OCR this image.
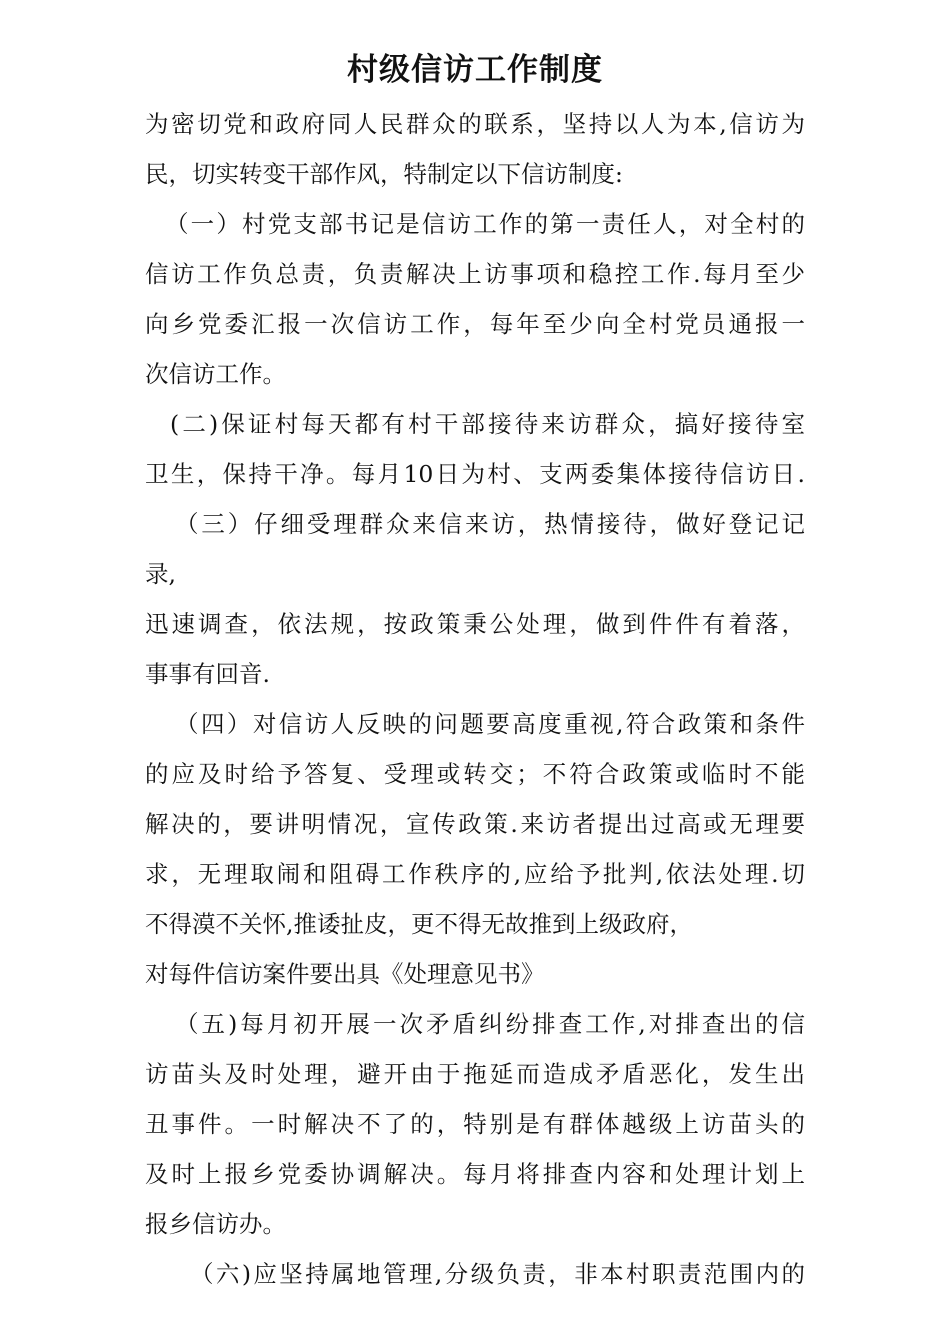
村级信访工作制度

为密切党和政府同人民群众的联系，坚持以人为本,信访为

民，切实转变干部作风，特制定以下信访制度:

（一）村党支部书记是信访工作的第一责任人，对全村的

信访工作负总责，负责解决上访事项和稳控工作.每月至少

向乡党委汇报一次信访工作，每年至少向全村党员通报一

次信访工作。

(二)保证村每天都有村干部接待来访群众，搞好接待室

卫生，保持干净。每月10日为村、支两委集体接待信访日.

（三）仔细受理群众来信来访，热情接待，做好登记记

录,

迅速调查，依法规，按政策秉公处理，做到件件有着落，

事事有回音.

（四）对信访人反映的问题要高度重视,符合政策和条件

的应及时给予答复、受理或转交；不符合政策或临时不能

解决的，要讲明情况，宣传政策.来访者提出过高或无理要

求，无理取闹和阻碍工作秩序的,应给予批判,依法处理.切

不得漠不关怀,推诿扯皮，更不得无故推到上级政府，

对每件信访案件要出具《处理意见书》

（五)每月初开展一次矛盾纠纷排查工作,对排查出的信

访苗头及时处理，避开由于拖延而造成矛盾恶化，发生出

丑事件。一时解决不了的，特别是有群体越级上访苗头的

及时上报乡党委协调解决。每月将排查内容和处理计划上

报乡信访办。

（六)应坚持属地管理,分级负责，非本村职责范围内的
